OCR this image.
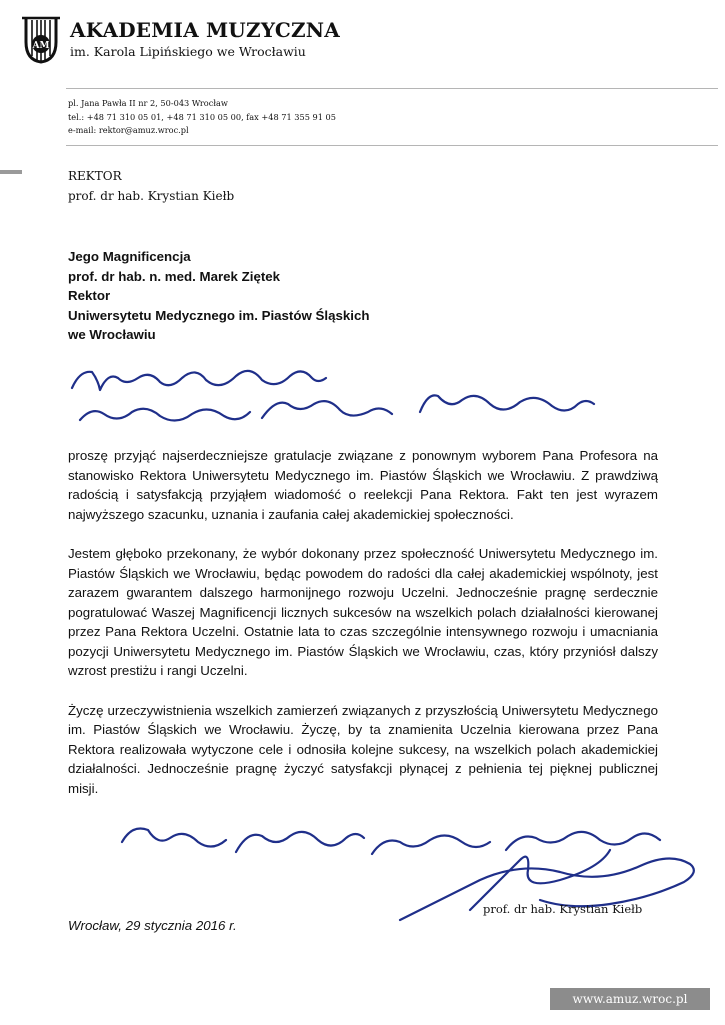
AM
AKADEMIA MUZYCZNA
im. Karola Lipińskiego we Wrocławiu
pl. Jana Pawła II nr 2, 50-043 Wrocław
tel.: +48 71 310 05 01, +48 71 310 05 00, fax +48 71 355 91 05
e-mail: rektor@amuz.wroc.pl
REKTOR
prof. dr hab. Krystian Kiełb
Jego Magnificencja
prof. dr hab. n. med. Marek Ziętek
Rektor
Uniwersytetu Medycznego im. Piastów Śląskich
we Wrocławiu

proszę przyjąć najserdeczniejsze gratulacje związane z ponownym wyborem Pana Profesora na stanowisko Rektora Uniwersytetu Medycznego im. Piastów Śląskich we Wrocławiu. Z prawdziwą radością i satysfakcją przyjąłem wiadomość o reelekcji Pana Rektora. Fakt ten jest wyrazem najwyższego szacunku, uznania i zaufania całej akademickiej społeczności.

Jestem głęboko przekonany, że wybór dokonany przez społeczność Uniwersytetu Medycznego im. Piastów Śląskich we Wrocławiu, będąc powodem do radości dla całej akademickiej wspólnoty, jest zarazem gwarantem dalszego harmonijnego rozwoju Uczelni. Jednocześnie pragnę serdecznie pogratulować Waszej Magnificencji licznych sukcesów na wszelkich polach działalności kierowanej przez Pana Rektora Uczelni. Ostatnie lata to czas szczególnie intensywnego rozwoju i umacniania pozycji Uniwersytetu Medycznego im. Piastów Śląskich we Wrocławiu, czas, który przyniósł dalszy wzrost prestiżu i rangi Uczelni.

Życzę urzeczywistnienia wszelkich zamierzeń związanych z przyszłością Uniwersytetu Medycznego im. Piastów Śląskich we Wrocławiu. Życzę, by ta znamienita Uczelnia kierowana przez Pana Rektora realizowała wytyczone cele i odnosiła kolejne sukcesy, na wszelkich polach akademickiej działalności. Jednocześnie pragnę życzyć satysfakcji płynącej z pełnienia tej pięknej publicznej misji.

Wrocław, 29 stycznia 2016 r.
prof. dr hab. Krystian Kiełb
www.amuz.wroc.pl
